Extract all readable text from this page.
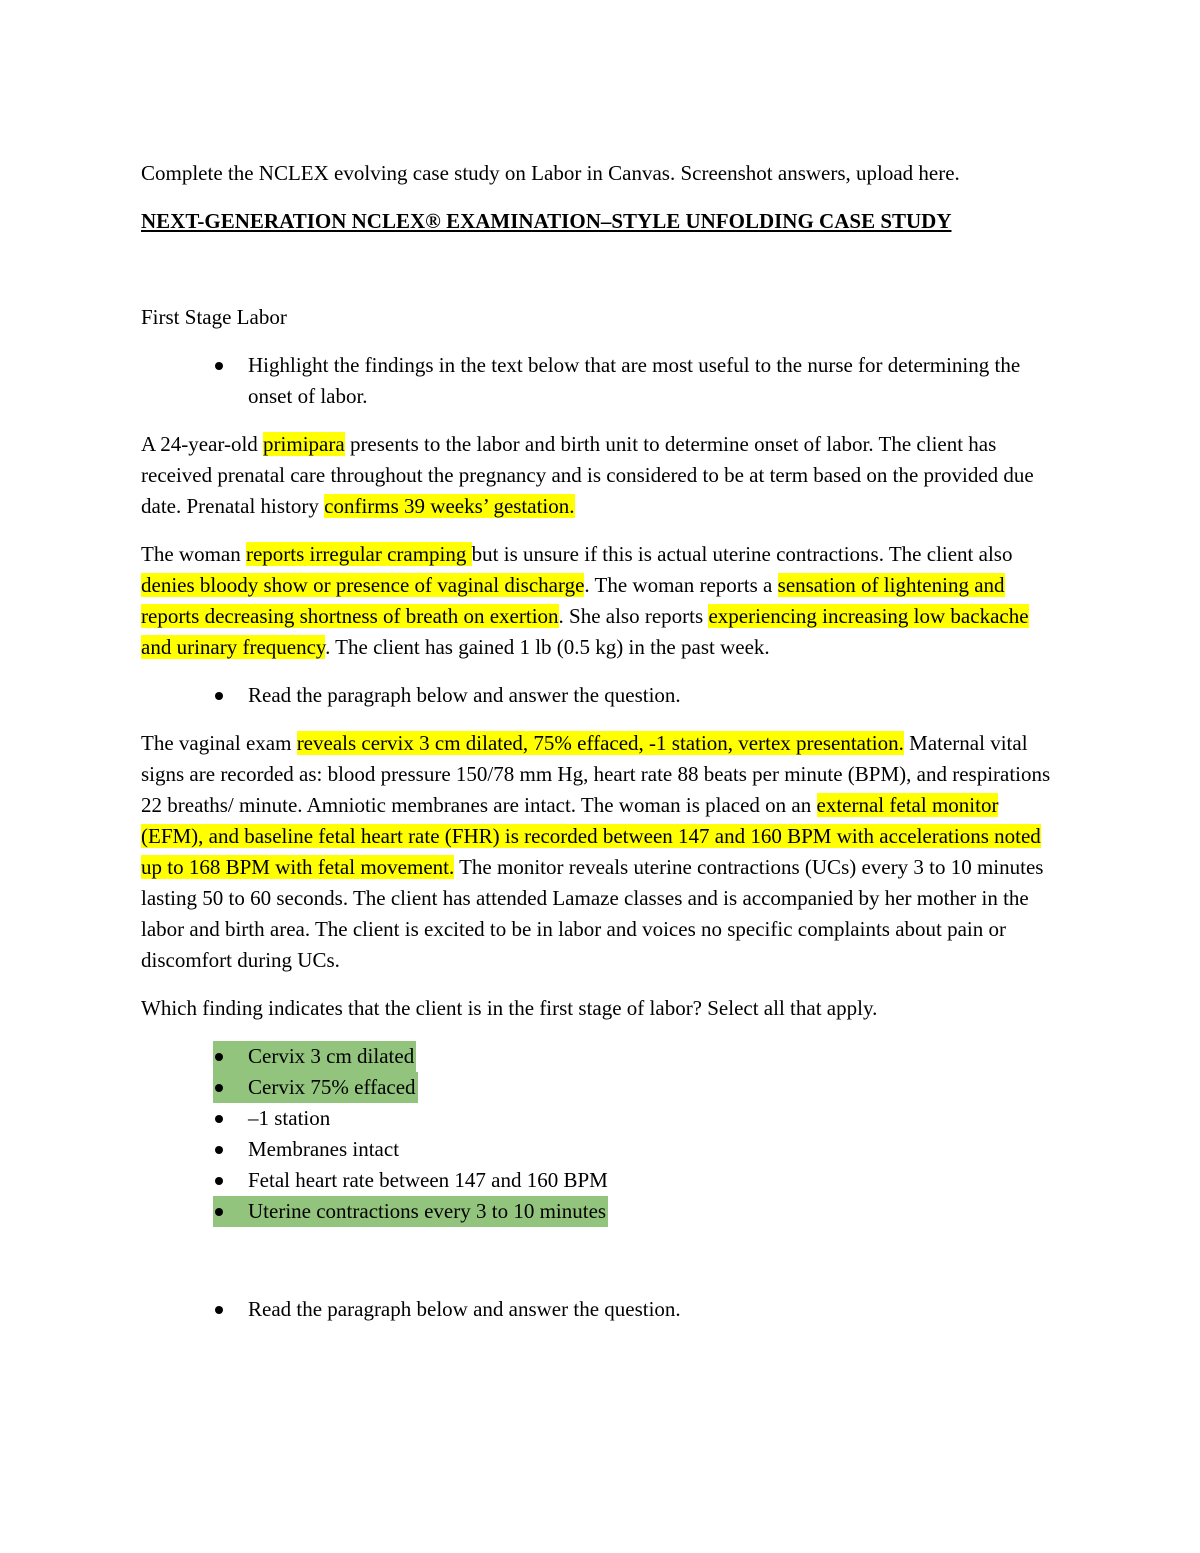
Complete the NCLEX evolving case study on Labor in Canvas. Screenshot answers, upload here.

NEXT-GENERATION NCLEX® EXAMINATION–STYLE UNFOLDING CASE STUDY

First Stage Labor

Highlight the findings in the text below that are most useful to the nurse for determining the onset of labor.

A 24-year-old primipara presents to the labor and birth unit to determine onset of labor. The client has received prenatal care throughout the pregnancy and is considered to be at term based on the provided due date. Prenatal history confirms 39 weeks’ gestation.

The woman reports irregular cramping but is unsure if this is actual uterine contractions. The client also denies bloody show or presence of vaginal discharge. The woman reports a sensation of lightening and reports decreasing shortness of breath on exertion. She also reports experiencing increasing low backache and urinary frequency. The client has gained 1 lb (0.5 kg) in the past week.

Read the paragraph below and answer the question.

The vaginal exam reveals cervix 3 cm dilated, 75% effaced, -1 station, vertex presentation. Maternal vital signs are recorded as: blood pressure 150/78 mm Hg, heart rate 88 beats per minute (BPM), and respirations 22 breaths/ minute. Amniotic membranes are intact. The woman is placed on an external fetal monitor (EFM), and baseline fetal heart rate (FHR) is recorded between 147 and 160 BPM with accelerations noted up to 168 BPM with fetal movement. The monitor reveals uterine contractions (UCs) every 3 to 10 minutes lasting 50 to 60 seconds. The client has attended Lamaze classes and is accompanied by her mother in the labor and birth area. The client is excited to be in labor and voices no specific complaints about pain or discomfort during UCs.

Which finding indicates that the client is in the first stage of labor? Select all that apply.

Cervix 3 cm dilated
Cervix 75% effaced
–1 station
Membranes intact
Fetal heart rate between 147 and 160 BPM
Uterine contractions every 3 to 10 minutes
Read the paragraph below and answer the question.
